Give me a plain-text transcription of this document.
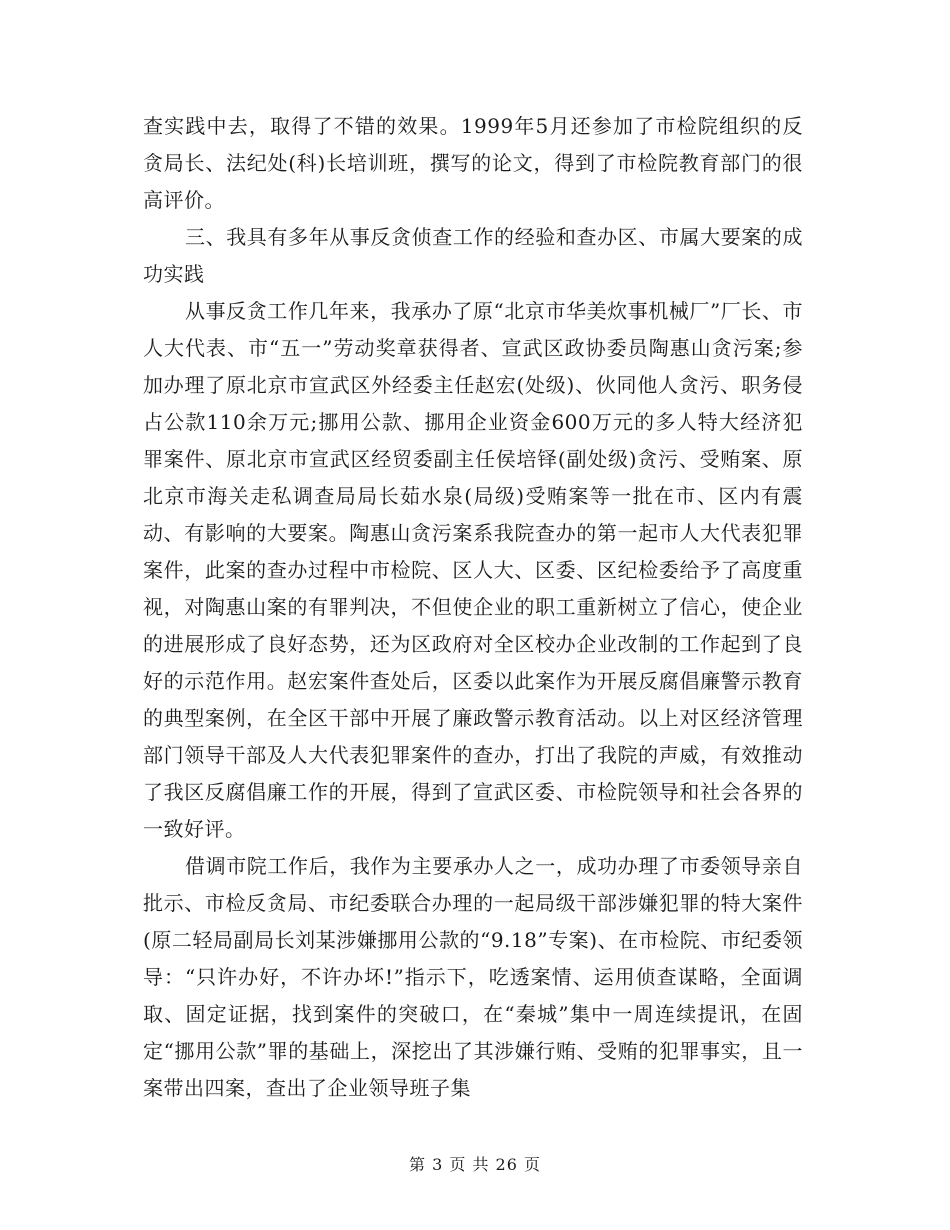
查实践中去，取得了不错的效果。1999年5月还参加了市检院组织的反贪局长、法纪处(科)长培训班，撰写的论文，得到了市检院教育部门的很高评价。

三、我具有多年从事反贪侦查工作的经验和查办区、市属大要案的成功实践

从事反贪工作几年来，我承办了原“北京市华美炊事机械厂”厂长、市人大代表、市“五一”劳动奖章获得者、宣武区政协委员陶惠山贪污案;参加办理了原北京市宣武区外经委主任赵宏(处级)、伙同他人贪污、职务侵占公款110余万元;挪用公款、挪用企业资金600万元的多人特大经济犯罪案件、原北京市宣武区经贸委副主任侯培铎(副处级)贪污、受贿案、原北京市海关走私调查局局长茹水泉(局级)受贿案等一批在市、区内有震动、有影响的大要案。陶惠山贪污案系我院查办的第一起市人大代表犯罪案件，此案的查办过程中市检院、区人大、区委、区纪检委给予了高度重视，对陶惠山案的有罪判决，不但使企业的职工重新树立了信心，使企业的进展形成了良好态势，还为区政府对全区校办企业改制的工作起到了良好的示范作用。赵宏案件查处后，区委以此案作为开展反腐倡廉警示教育的典型案例，在全区干部中开展了廉政警示教育活动。以上对区经济管理部门领导干部及人大代表犯罪案件的查办，打出了我院的声威，有效推动了我区反腐倡廉工作的开展，得到了宣武区委、市检院领导和社会各界的一致好评。

借调市院工作后，我作为主要承办人之一，成功办理了市委领导亲自批示、市检反贪局、市纪委联合办理的一起局级干部涉嫌犯罪的特大案件(原二轻局副局长刘某涉嫌挪用公款的“9.18”专案)、在市检院、市纪委领导：“只许办好，不许办坏!”指示下，吃透案情、运用侦查谋略，全面调取、固定证据，找到案件的突破口，在“秦城”集中一周连续提讯，在固定“挪用公款”罪的基础上，深挖出了其涉嫌行贿、受贿的犯罪事实，且一案带出四案，查出了企业领导班子集

第 3 页 共 26 页
